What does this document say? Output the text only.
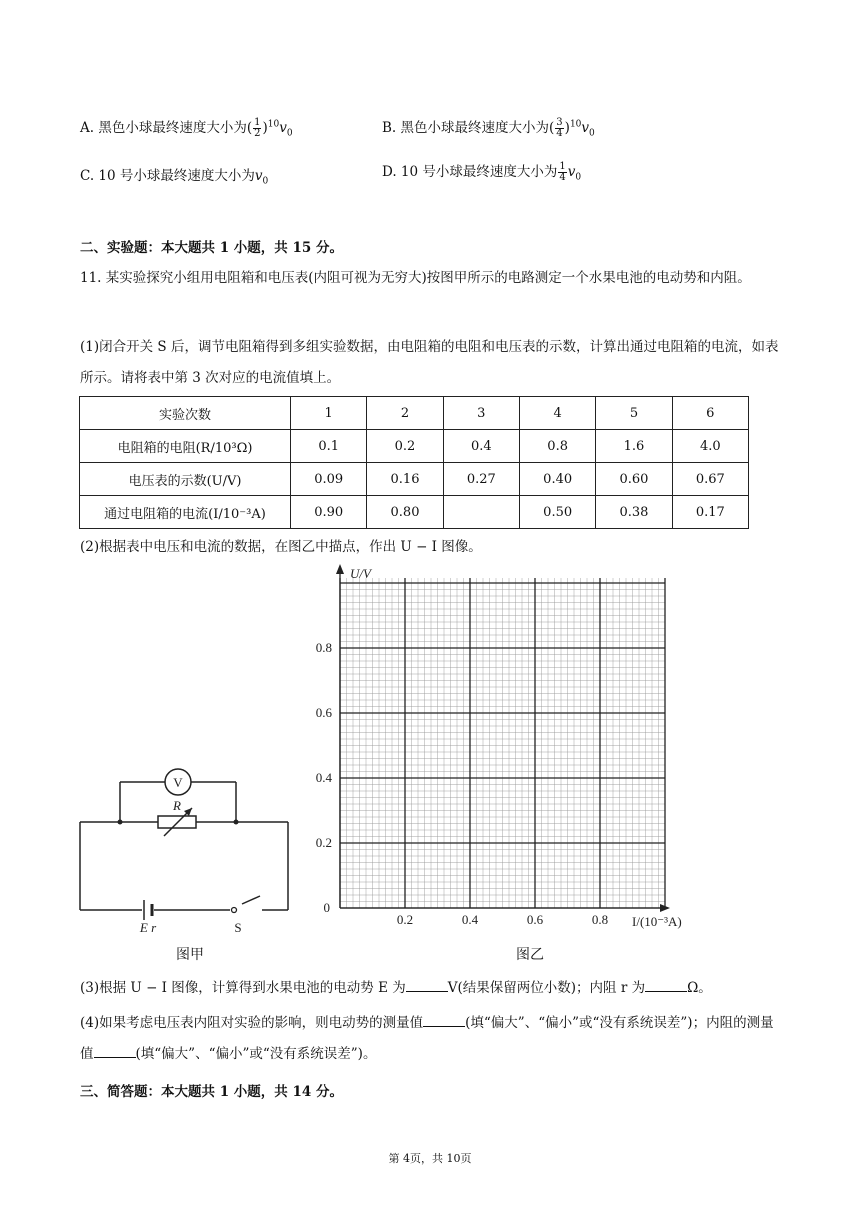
A. 黑色小球最终速度大小为( $\frac{1}{2} )^{10}v_0$	B. 黑色小球最终速度大小为( $\frac{3}{4} )^{10}v_0$
C. 10 号小球最终速度大小为$v_0$
D. 10 号小球最终速度大小为 $\frac{1}{4} v_0$
二、实验题：本大题共 1 小题，共 15 分。
11. 某实验探究小组用电阻箱和电压表(内阻可视为无穷大)按图甲所示的电路测定一个水果电池的电动势和内阻。
(1)闭合开关 S 后，调节电阻箱得到多组实验数据，由电阻箱的电阻和电压表的示数，计算出通过电阻箱的电流，如表所示。请将表中第 3 次对应的电流值填上。
实验次数	1	2	3	4	5	6
电阻箱的电阻(R/10³Ω)	0.1	0.2	0.4	0.8	1.6	4.0
电压表的示数(U/V)	0.09	0.16	0.27	0.40	0.60	0.67
通过电阻箱的电流(I/10⁻³A)	0.90	0.80		0.50	0.38	0.17
(2)根据表中电压和电流的数据，在图乙中描点，作出 U − I 图像。
V
R
E r	S
图甲
U/V
I/(10⁻³A)
0.8
0.6
0.4
0.2
0
0.2	0.4	0.6	0.8
图乙
(3)根据 U − I 图像，计算得到水果电池的电动势 E 为	V(结果保留两位小数)；内阻 r 为	Ω。
(4)如果考虑电压表内阻对实验的影响，则电动势的测量值	(填“偏大”、“偏小”或“没有系统误差”)；内阻的测量值	(填“偏大”、“偏小”或“没有系统误差”)。
三、简答题：本大题共 1 小题，共 14 分。
第 4页，共 10页
